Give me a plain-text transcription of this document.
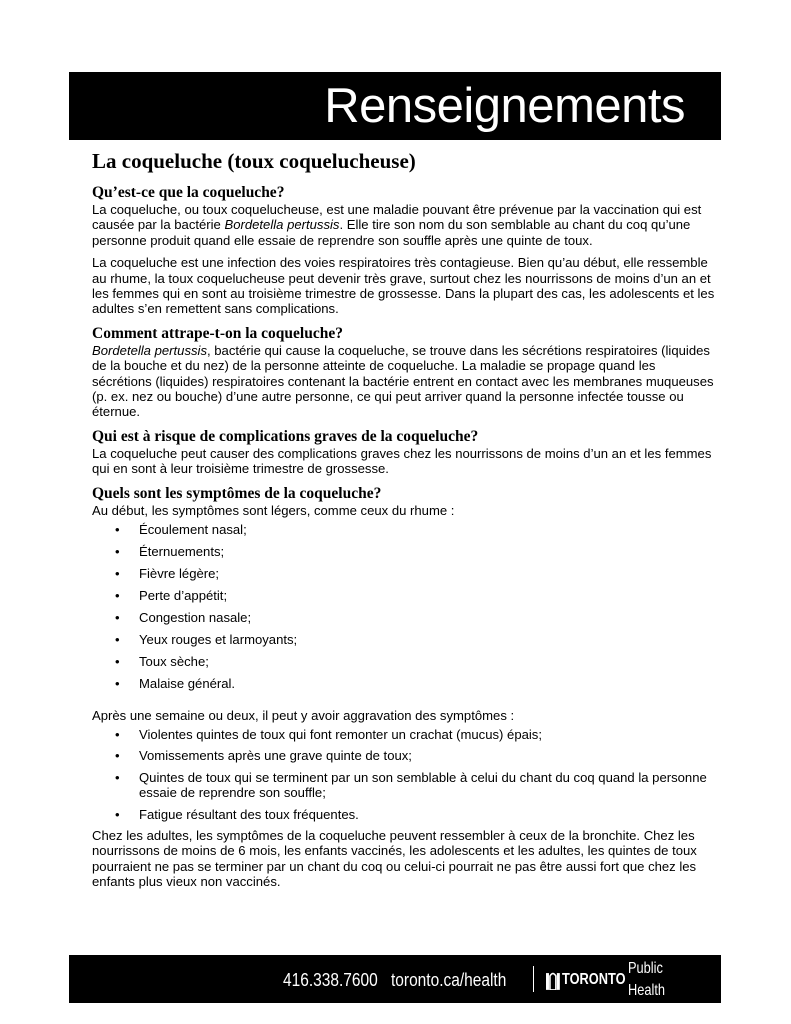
Renseignements
La coqueluche (toux coquelucheuse)
Qu’est-ce que la coqueluche?

La coqueluche, ou toux coquelucheuse, est une maladie pouvant être prévenue par la vaccination qui est causée par la bactérie Bordetella pertussis. Elle tire son nom du son semblable au chant du coq qu’une personne produit quand elle essaie de reprendre son souffle après une quinte de toux.

La coqueluche est une infection des voies respiratoires très contagieuse. Bien qu’au début, elle ressemble au rhume, la toux coquelucheuse peut devenir très grave, surtout chez les nourrissons de moins d’un an et les femmes qui en sont au troisième trimestre de grossesse. Dans la plupart des cas, les adolescents et les adultes s’en remettent sans complications.

Comment attrape-t-on la coqueluche?

Bordetella pertussis, bactérie qui cause la coqueluche, se trouve dans les sécrétions respiratoires (liquides de la bouche et du nez) de la personne atteinte de coqueluche. La maladie se propage quand les sécrétions (liquides) respiratoires contenant la bactérie entrent en contact avec les membranes muqueuses (p. ex. nez ou bouche) d’une autre personne, ce qui peut arriver quand la personne infectée tousse ou éternue.

Qui est à risque de complications graves de la coqueluche?

La coqueluche peut causer des complications graves chez les nourrissons de moins d’un an et les femmes qui en sont à leur troisième trimestre de grossesse.

Quels sont les symptômes de la coqueluche?

Au début, les symptômes sont légers, comme ceux du rhume :

• Écoulement nasal;
• Éternuements;
• Fièvre légère;
• Perte d’appétit;
• Congestion nasale;
• Yeux rouges et larmoyants;
• Toux sèche;
• Malaise général.

Après une semaine ou deux, il peut y avoir aggravation des symptômes :

• Violentes quintes de toux qui font remonter un crachat (mucus) épais;
• Vomissements après une grave quinte de toux;
• Quintes de toux qui se terminent par un son semblable à celui du chant du coq quand la personne essaie de reprendre son souffle;
• Fatigue résultant des toux fréquentes.

Chez les adultes, les symptômes de la coqueluche peuvent ressembler à ceux de la bronchite. Chez les nourrissons de moins de 6 mois, les enfants vaccinés, les adolescents et les adultes, les quintes de toux pourraient ne pas se terminer par un chant du coq ou celui-ci pourrait ne pas être aussi fort que chez les enfants plus vieux non vaccinés.

416.338.7600 toronto.ca/health	TORONTO
Public Health
